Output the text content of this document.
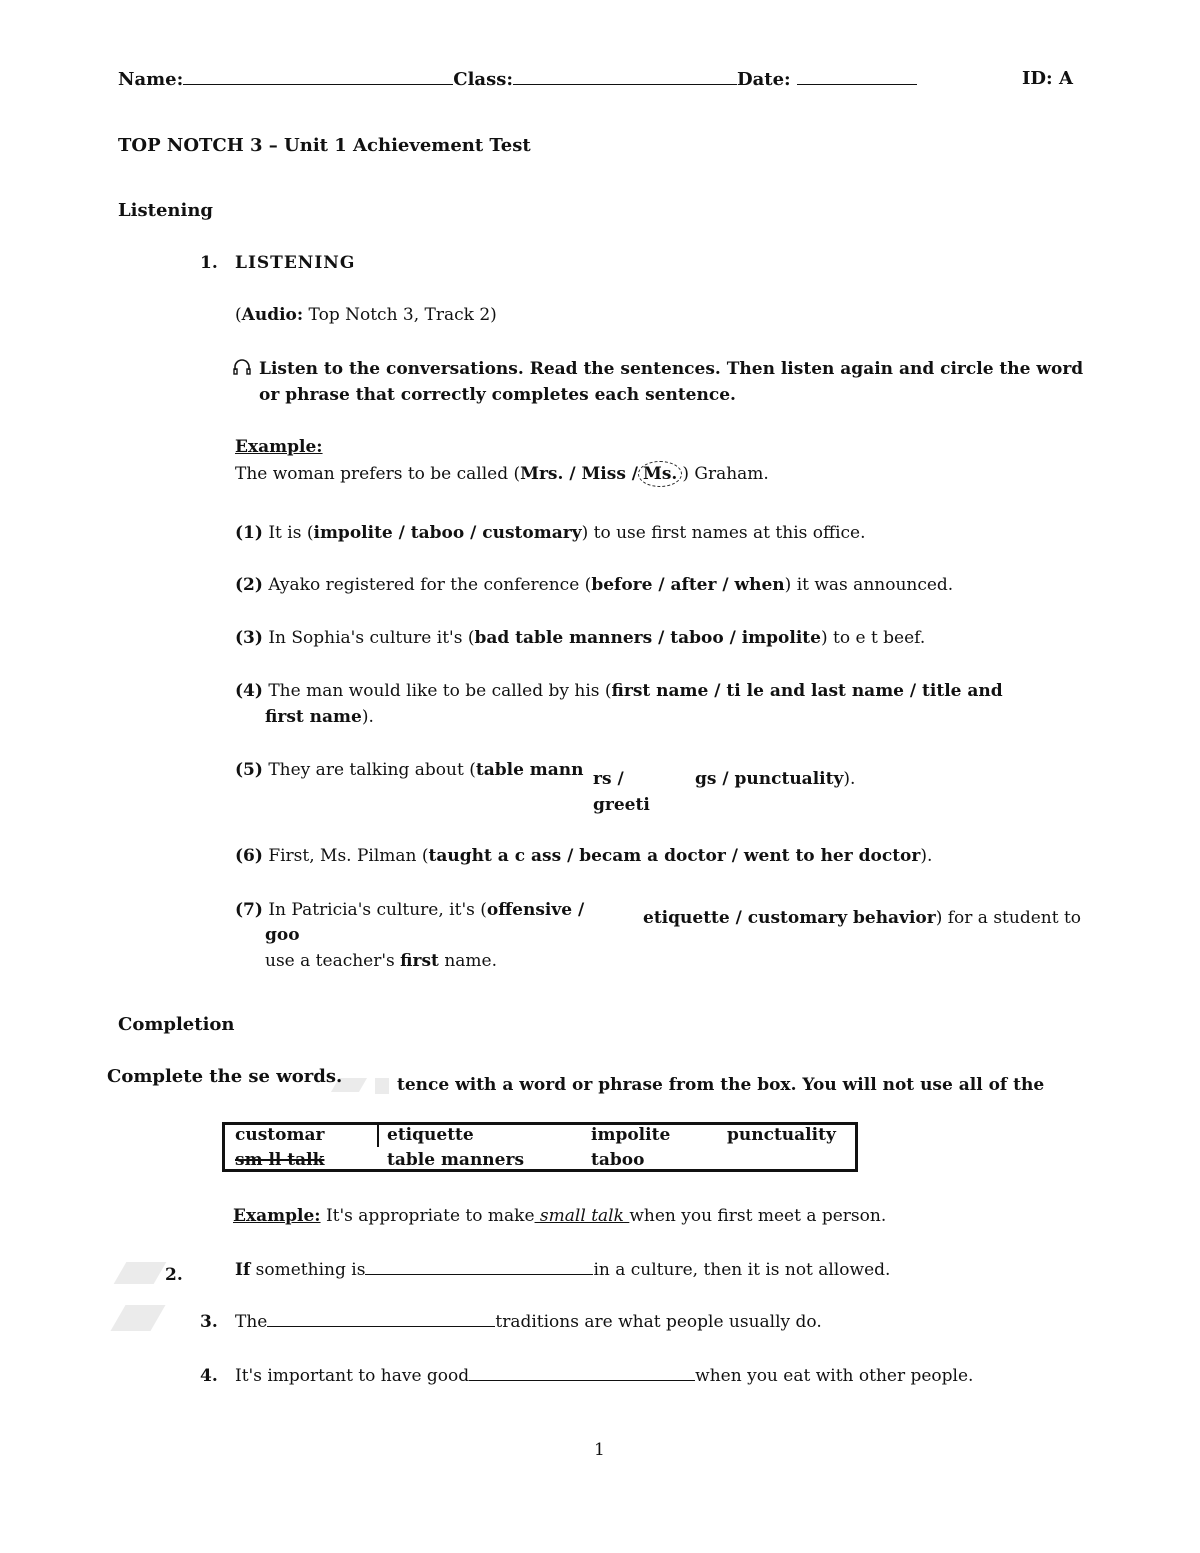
Name:	Class:	Date:	ID: A
TOP NOTCH 3 – Unit 1 Achievement Test
Listening
1. LISTENING
(Audio: Top Notch 3, Track 2)
Listen to the conversations. Read the sentences. Then listen again and circle the word
or phrase that correctly completes each sentence.
Example:
The woman prefers to be called (Mrs. / Miss / Ms. ) Graham.
(1) It is (impolite / taboo / customary) to use first names at this office.
(2) Ayako registered for the conference (before / after / when) it was announced.
(3) In Sophia's culture it's (bad table manners / taboo / impolite) to e t beef.
(4) The man would like to be called by his (first name / ti le and last name / title and
first name).
(5) They are talking about (table mann rs /
greeti
gs / punctuality).
(6) First, Ms. Pilman (taught a c ass / becam a doctor / went to her doctor).
(7) In Patricia's culture, it's (offensive /
goo
etiquette / customary behavior) for a student to
use a teacher's first name.
Completion
Complete the se words.	tence with a word or phrase from the box. You will not use all of the
customar	etiquette	impolite	punctuality
sm ll talk	table manners	taboo
Example: It's appropriate to make small talk when you first meet a person.
2.	If something is	in a culture, then it is not allowed.
3. The	traditions are what people usually do.
4. It's important to have good	when you eat with other people.
1
